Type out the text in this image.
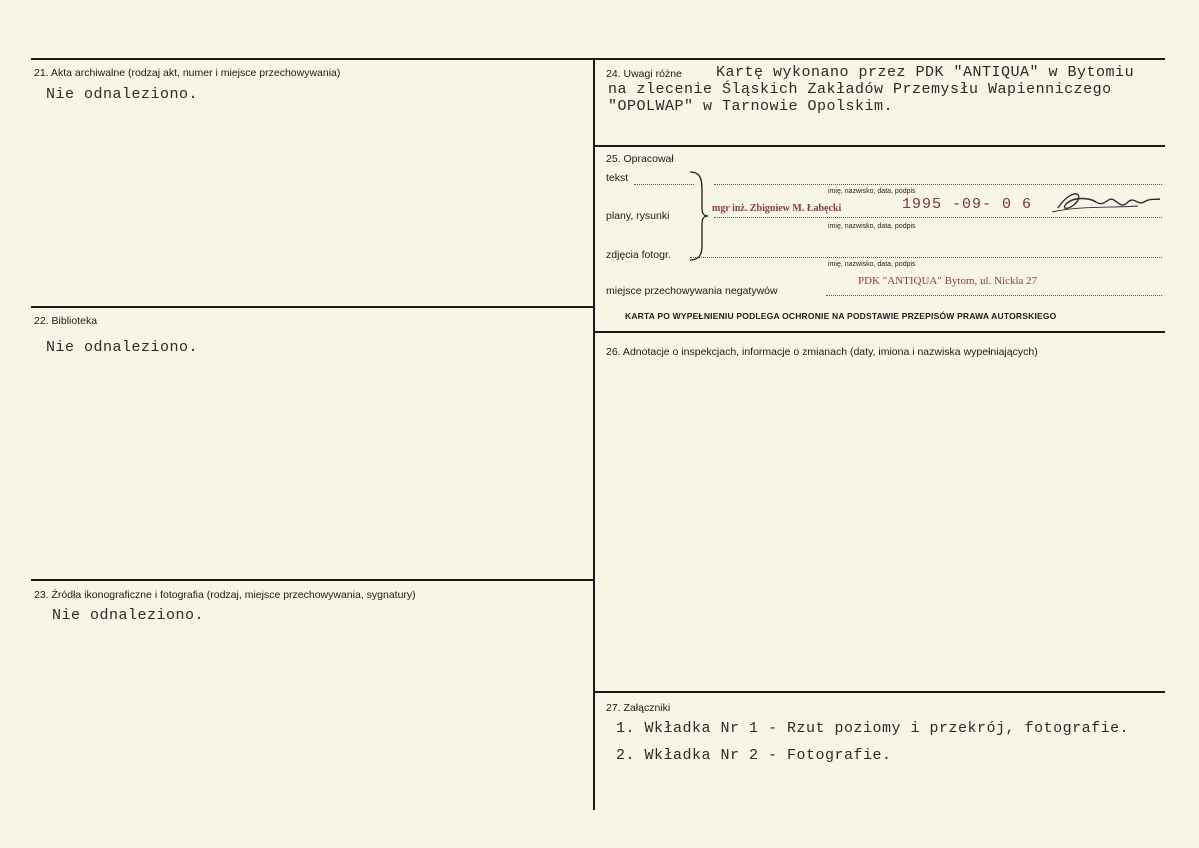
21. Akta archiwalne (rodzaj akt, numer i miejsce przechowywania)
Nie odnaleziono.
22. Biblioteka
Nie odnaleziono.
23. Źródła ikonograficzne i fotografia (rodzaj, miejsce przechowywania, sygnatury)
Nie odnaleziono.
24. Uwagi różne Kartę wykonano przez PDK "ANTIQUA" w Bytomiu
na zlecenie Śląskich Zakładów Przemysłu Wapienniczego
"OPOLWAP" w Tarnowie Opolskim.
25. Opracował
tekst
imię, nazwisko, data, podpis
plany, rysunki
mgr inż. Zbigniew M. Łabęcki	1995 -09- 0 6
imię, nazwisko, data, podpis
zdjęcia fotogr.
imię, nazwisko, data, podpis
miejsce przechowywania negatywów
PDK "ANTIQUA" Bytom, ul. Nickla 27
KARTA PO WYPEŁNIENIU PODLEGA OCHRONIE NA PODSTAWIE PRZEPISÓW PRAWA AUTORSKIEGO
26. Adnotacje o inspekcjach, informacje o zmianach (daty, imiona i nazwiska wypełniających)
27. Załączniki
1. Wkładka Nr 1 - Rzut poziomy i przekrój, fotografie.
2. Wkładka Nr 2 - Fotografie.
